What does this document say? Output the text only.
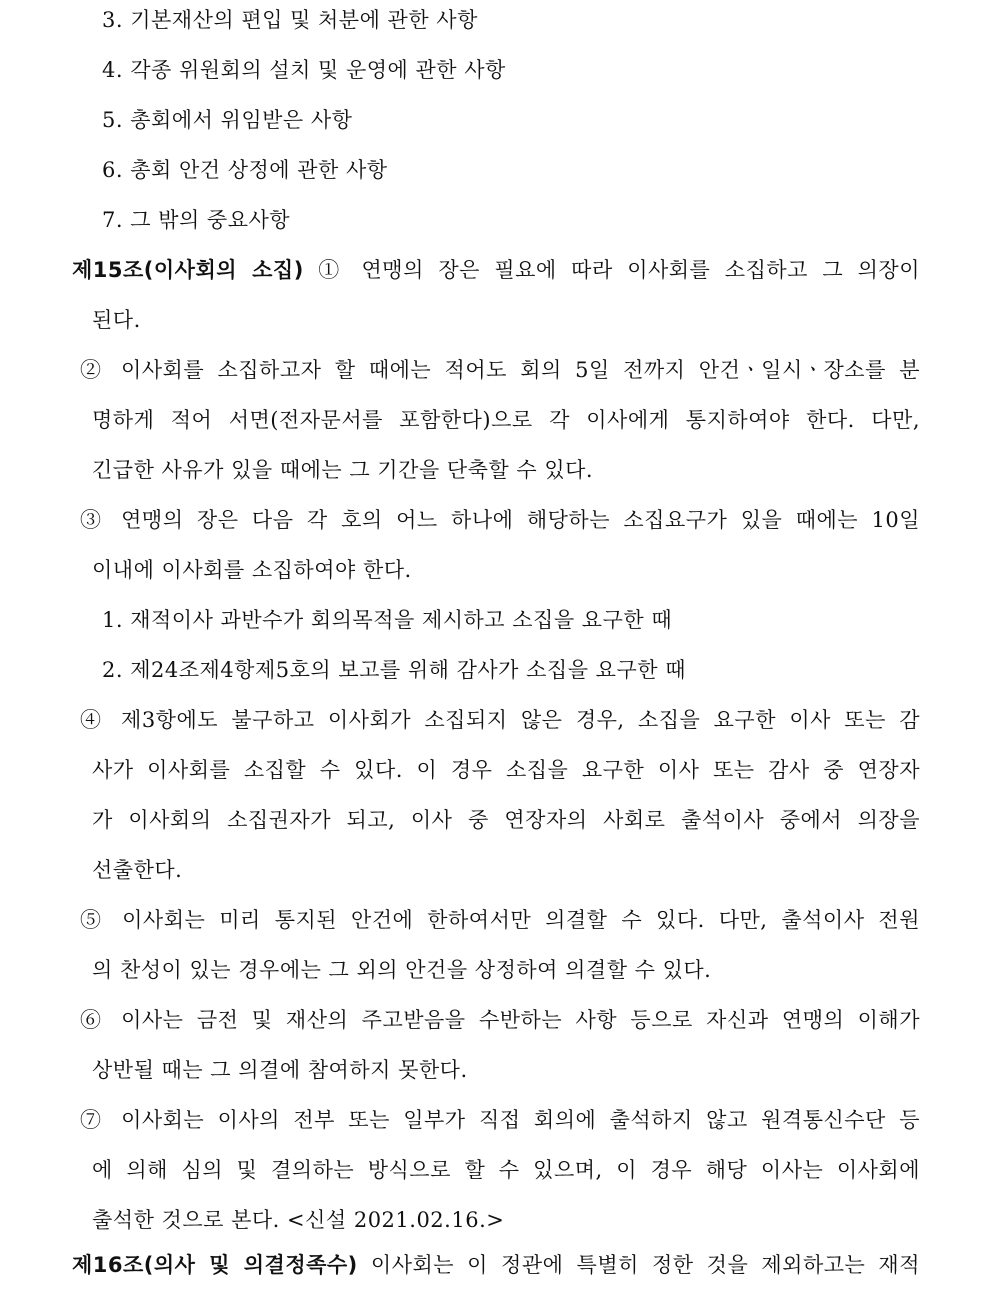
3. 기본재산의 편입 및 처분에 관한 사항
4. 각종 위원회의 설치 및 운영에 관한 사항
5. 총회에서 위임받은 사항
6. 총회 안건 상정에 관한 사항
7. 그 밖의 중요사항
제15조(이사회의 소집) ① 연맹의 장은 필요에 따라 이사회를 소집하고 그 의장이
된다.
② 이사회를 소집하고자 할 때에는 적어도 회의 5일 전까지 안건ㆍ일시ㆍ장소를 분
명하게 적어 서면(전자문서를 포함한다)으로 각 이사에게 통지하여야 한다. 다만,
긴급한 사유가 있을 때에는 그 기간을 단축할 수 있다.
③ 연맹의 장은 다음 각 호의 어느 하나에 해당하는 소집요구가 있을 때에는 10일
이내에 이사회를 소집하여야 한다.
1. 재적이사 과반수가 회의목적을 제시하고 소집을 요구한 때
2. 제24조제4항제5호의 보고를 위해 감사가 소집을 요구한 때
④ 제3항에도 불구하고 이사회가 소집되지 않은 경우, 소집을 요구한 이사 또는 감
사가 이사회를 소집할 수 있다. 이 경우 소집을 요구한 이사 또는 감사 중 연장자
가 이사회의 소집권자가 되고, 이사 중 연장자의 사회로 출석이사 중에서 의장을
선출한다.
⑤ 이사회는 미리 통지된 안건에 한하여서만 의결할 수 있다. 다만, 출석이사 전원
의 찬성이 있는 경우에는 그 외의 안건을 상정하여 의결할 수 있다.
⑥ 이사는 금전 및 재산의 주고받음을 수반하는 사항 등으로 자신과 연맹의 이해가
상반될 때는 그 의결에 참여하지 못한다.
⑦ 이사회는 이사의 전부 또는 일부가 직접 회의에 출석하지 않고 원격통신수단 등
에 의해 심의 및 결의하는 방식으로 할 수 있으며, 이 경우 해당 이사는 이사회에
출석한 것으로 본다. <신설 2021.02.16.>
제16조(의사 및 의결정족수) 이사회는 이 정관에 특별히 정한 것을 제외하고는 재적
